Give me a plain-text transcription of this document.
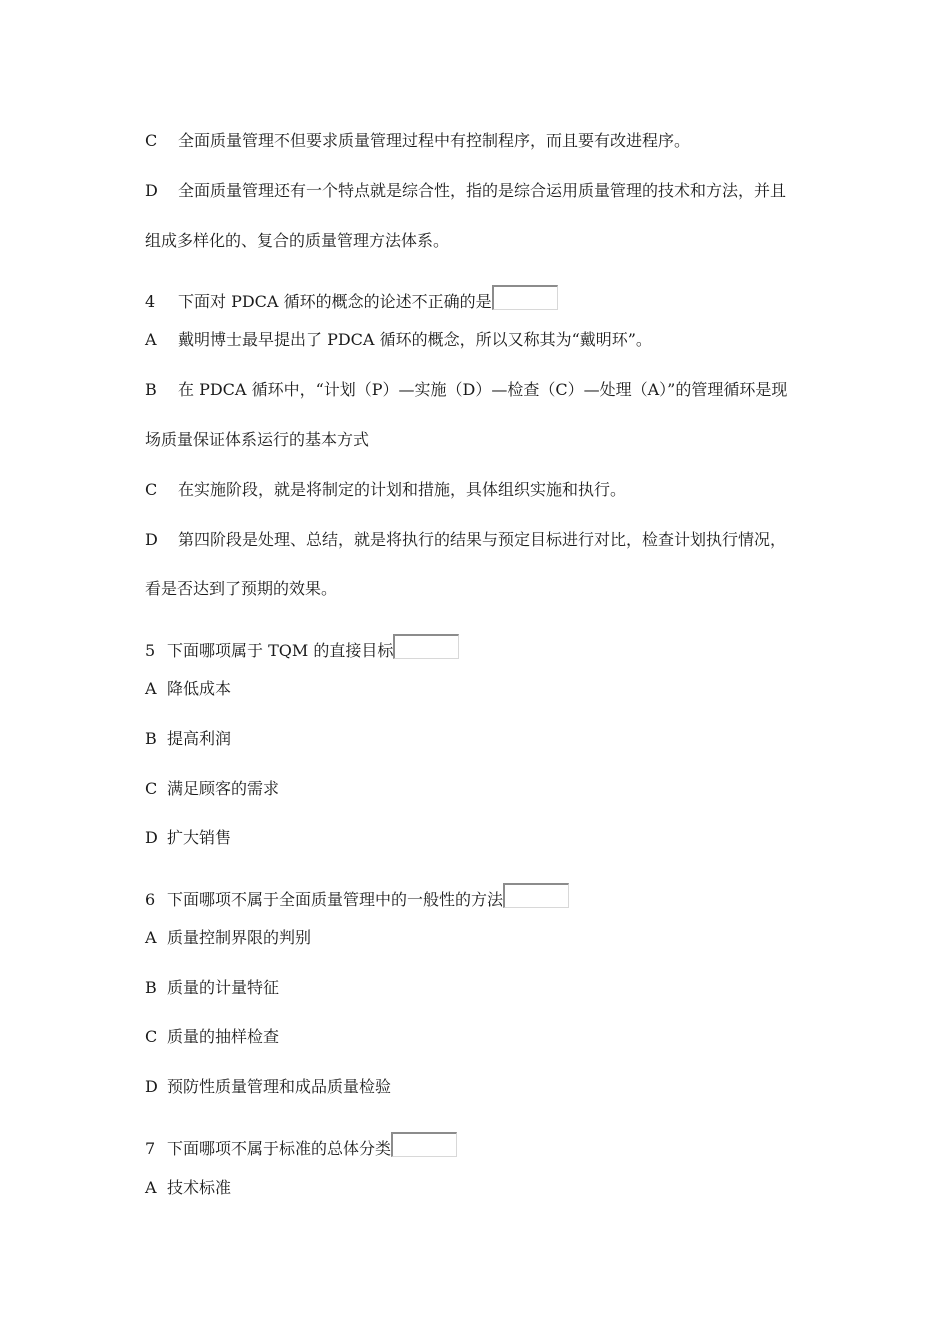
C 全面质量管理不但要求质量管理过程中有控制程序，而且要有改进程序。
D 全面质量管理还有一个特点就是综合性，指的是综合运用质量管理的技术和方法，并且
组成多样化的、复合的质量管理方法体系。
4 下面对 PDCA 循环的概念的论述不正确的是
A 戴明博士最早提出了 PDCA 循环的概念，所以又称其为“戴明环”。
B 在 PDCA 循环中，“计划（P）—实施（D）—检查（C）—处理（A）”的管理循环是现
场质量保证体系运行的基本方式
C 在实施阶段，就是将制定的计划和措施，具体组织实施和执行。
D 第四阶段是处理、总结，就是将执行的结果与预定目标进行对比，检查计划执行情况，
看是否达到了预期的效果。
5 下面哪项属于 TQM 的直接目标
A 降低成本
B 提高利润
C 满足顾客的需求
D 扩大销售
6 下面哪项不属于全面质量管理中的一般性的方法
A 质量控制界限的判别
B 质量的计量特征
C 质量的抽样检查
D 预防性质量管理和成品质量检验
7 下面哪项不属于标准的总体分类
A 技术标准
